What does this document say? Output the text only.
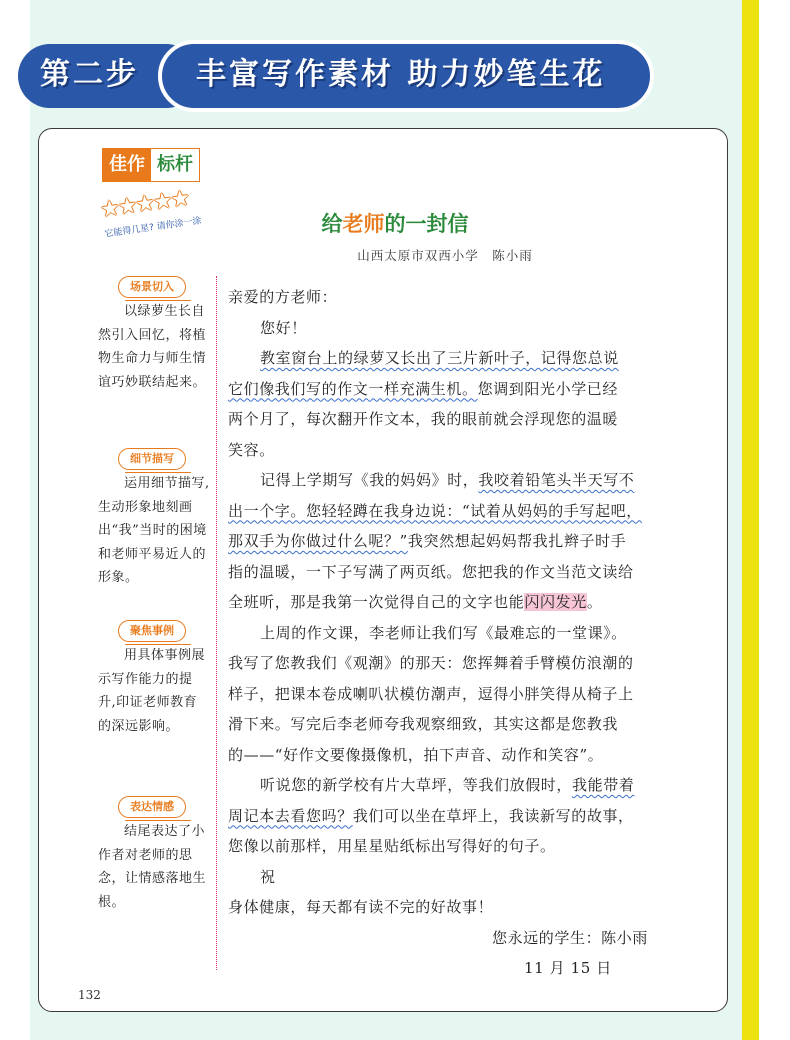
第二步 丰富写作素材 助力妙笔生花
佳作 标杆
★★★★★
它能得几星? 请你涂一涂	给老师的一封信
山西太原市双西小学　陈小雨
场景切入
以绿萝生长自然引入回忆，将植物生命力与师生情谊巧妙联结起来。
细节描写
运用细节描写,生动形象地刻画出“我”当时的困境和老师平易近人的形象。
聚焦事例
用具体事例展示写作能力的提升,印证老师教育的深远影响。
表达情感
结尾表达了小作者对老师的思念，让情感落地生根。
亲爱的方老师：
您好！
教室窗台上的绿萝又长出了三片新叶子，记得您总说
它们像我们写的作文一样充满生机。您调到阳光小学已经
两个月了，每次翻开作文本，我的眼前就会浮现您的温暖
笑容。
记得上学期写《我的妈妈》时，我咬着铅笔头半天写不
出一个字。您轻轻蹲在我身边说：“试着从妈妈的手写起吧，
那双手为你做过什么呢？”我突然想起妈妈帮我扎辫子时手
指的温暖，一下子写满了两页纸。您把我的作文当范文读给
全班听，那是我第一次觉得自己的文字也能闪闪发光。
上周的作文课，李老师让我们写《最难忘的一堂课》。
我写了您教我们《观潮》的那天：您挥舞着手臂模仿浪潮的
样子，把课本卷成喇叭状模仿潮声，逗得小胖笑得从椅子上
滑下来。写完后李老师夸我观察细致，其实这都是您教我
的——“好作文要像摄像机，拍下声音、动作和笑容”。
听说您的新学校有片大草坪，等我们放假时，我能带着
周记本去看您吗？我们可以坐在草坪上，我读新写的故事，
您像以前那样，用星星贴纸标出写得好的句子。
祝
身体健康，每天都有读不完的好故事！
您永远的学生：陈小雨
11 月 15 日
132
